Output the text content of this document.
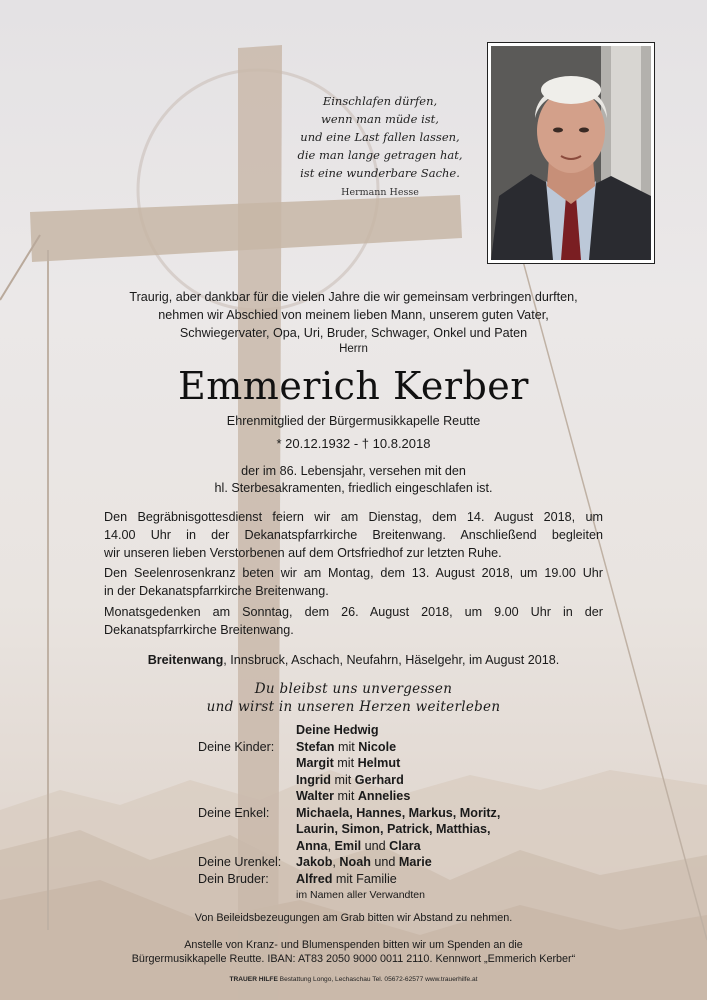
Einschlafen dürfen,
wenn man müde ist,
und eine Last fallen lassen,
die man lange getragen hat,
ist eine wunderbare Sache.
Hermann Hesse
Traurig, aber dankbar für die vielen Jahre die wir gemeinsam verbringen durften,
nehmen wir Abschied von meinem lieben Mann, unserem guten Vater,
Schwiegervater, Opa, Uri, Bruder, Schwager, Onkel und Paten
Herrn
Emmerich Kerber
Ehrenmitglied der Bürgermusikkapelle Reutte
* 20.12.1932 - † 10.8.2018
der im 86. Lebensjahr, versehen mit den
hl. Sterbesakramenten, friedlich eingeschlafen ist.
Den Begräbnisgottesdienst feiern wir am Dienstag, dem 14. August 2018, um
14.00 Uhr in der Dekanatspfarrkirche Breitenwang. Anschließend begleiten
wir unseren lieben Verstorbenen auf dem Ortsfriedhof zur letzten Ruhe.
Den Seelenrosenkranz beten wir am Montag, dem 13. August 2018, um 19.00 Uhr
in der Dekanatspfarrkirche Breitenwang.
Monatsgedenken am Sonntag, dem 26. August 2018, um 9.00 Uhr in der
Dekanatspfarrkirche Breitenwang.
Breitenwang, Innsbruck, Aschach, Neufahrn, Häselgehr, im August 2018.
Du bleibst uns unvergessen
und wirst in unseren Herzen weiterleben
Deine Hedwig
Deine Kinder:	Stefan mit Nicole
Margit mit Helmut
Ingrid mit Gerhard
Walter mit Annelies
Deine Enkel:	Michaela, Hannes, Markus, Moritz,
Laurin, Simon, Patrick, Matthias,
Anna, Emil und Clara
Deine Urenkel:	Jakob, Noah und Marie
Dein Bruder:	Alfred mit Familie
im Namen aller Verwandten
Von Beileidsbezeugungen am Grab bitten wir Abstand zu nehmen.
Anstelle von Kranz- und Blumenspenden bitten wir um Spenden an die
Bürgermusikkapelle Reutte. IBAN: AT83 2050 9000 0011 2110. Kennwort „Emmerich Kerber“
TRAUER HILFE Bestattung Longo, Lechaschau Tel. 05672-62577 www.trauerhilfe.at
